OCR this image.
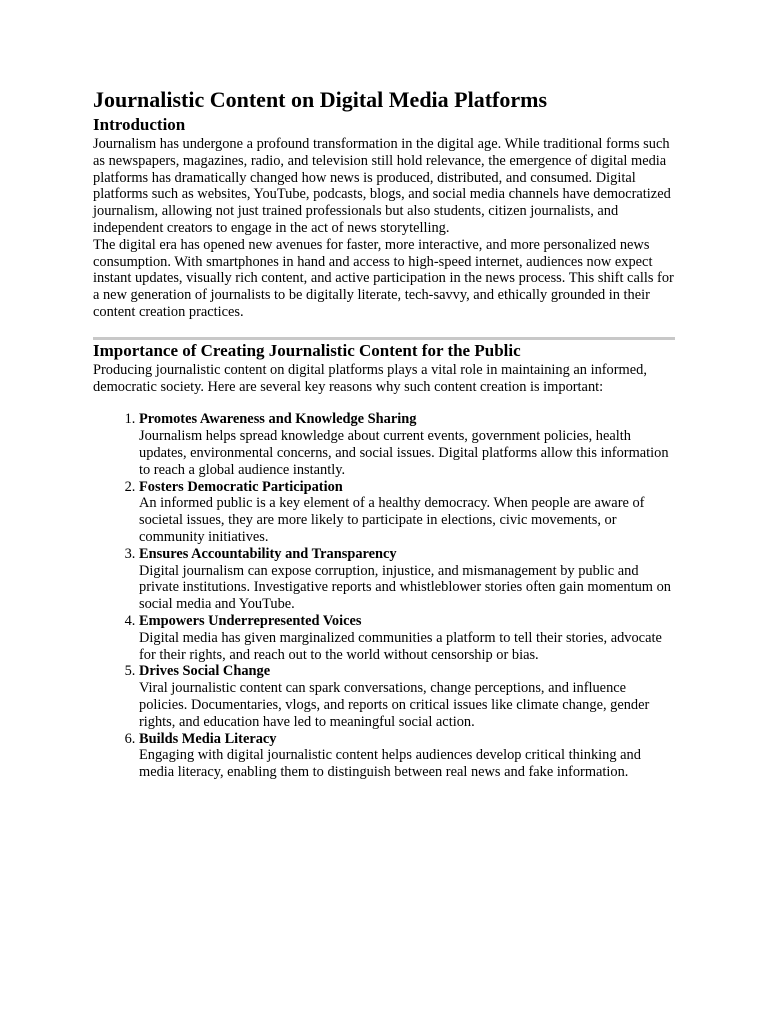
Journalistic Content on Digital Media Platforms
Introduction

Journalism has undergone a profound transformation in the digital age. While traditional forms such as newspapers, magazines, radio, and television still hold relevance, the emergence of digital media platforms has dramatically changed how news is produced, distributed, and consumed. Digital platforms such as websites, YouTube, podcasts, blogs, and social media channels have democratized journalism, allowing not just trained professionals but also students, citizen journalists, and independent creators to engage in the act of news storytelling.

The digital era has opened new avenues for faster, more interactive, and more personalized news consumption. With smartphones in hand and access to high-speed internet, audiences now expect instant updates, visually rich content, and active participation in the news process. This shift calls for a new generation of journalists to be digitally literate, tech-savvy, and ethically grounded in their content creation practices.

Importance of Creating Journalistic Content for the Public

Producing journalistic content on digital platforms plays a vital role in maintaining an informed, democratic society. Here are several key reasons why such content creation is important:

1. Promotes Awareness and Knowledge Sharing
Journalism helps spread knowledge about current events, government policies, health updates, environmental concerns, and social issues. Digital platforms allow this information to reach a global audience instantly.
2. Fosters Democratic Participation
An informed public is a key element of a healthy democracy. When people are aware of societal issues, they are more likely to participate in elections, civic movements, or community initiatives.
3. Ensures Accountability and Transparency
Digital journalism can expose corruption, injustice, and mismanagement by public and private institutions. Investigative reports and whistleblower stories often gain momentum on social media and YouTube.
4. Empowers Underrepresented Voices
Digital media has given marginalized communities a platform to tell their stories, advocate for their rights, and reach out to the world without censorship or bias.
5. Drives Social Change
Viral journalistic content can spark conversations, change perceptions, and influence policies. Documentaries, vlogs, and reports on critical issues like climate change, gender rights, and education have led to meaningful social action.
6. Builds Media Literacy
Engaging with digital journalistic content helps audiences develop critical thinking and media literacy, enabling them to distinguish between real news and fake information.
